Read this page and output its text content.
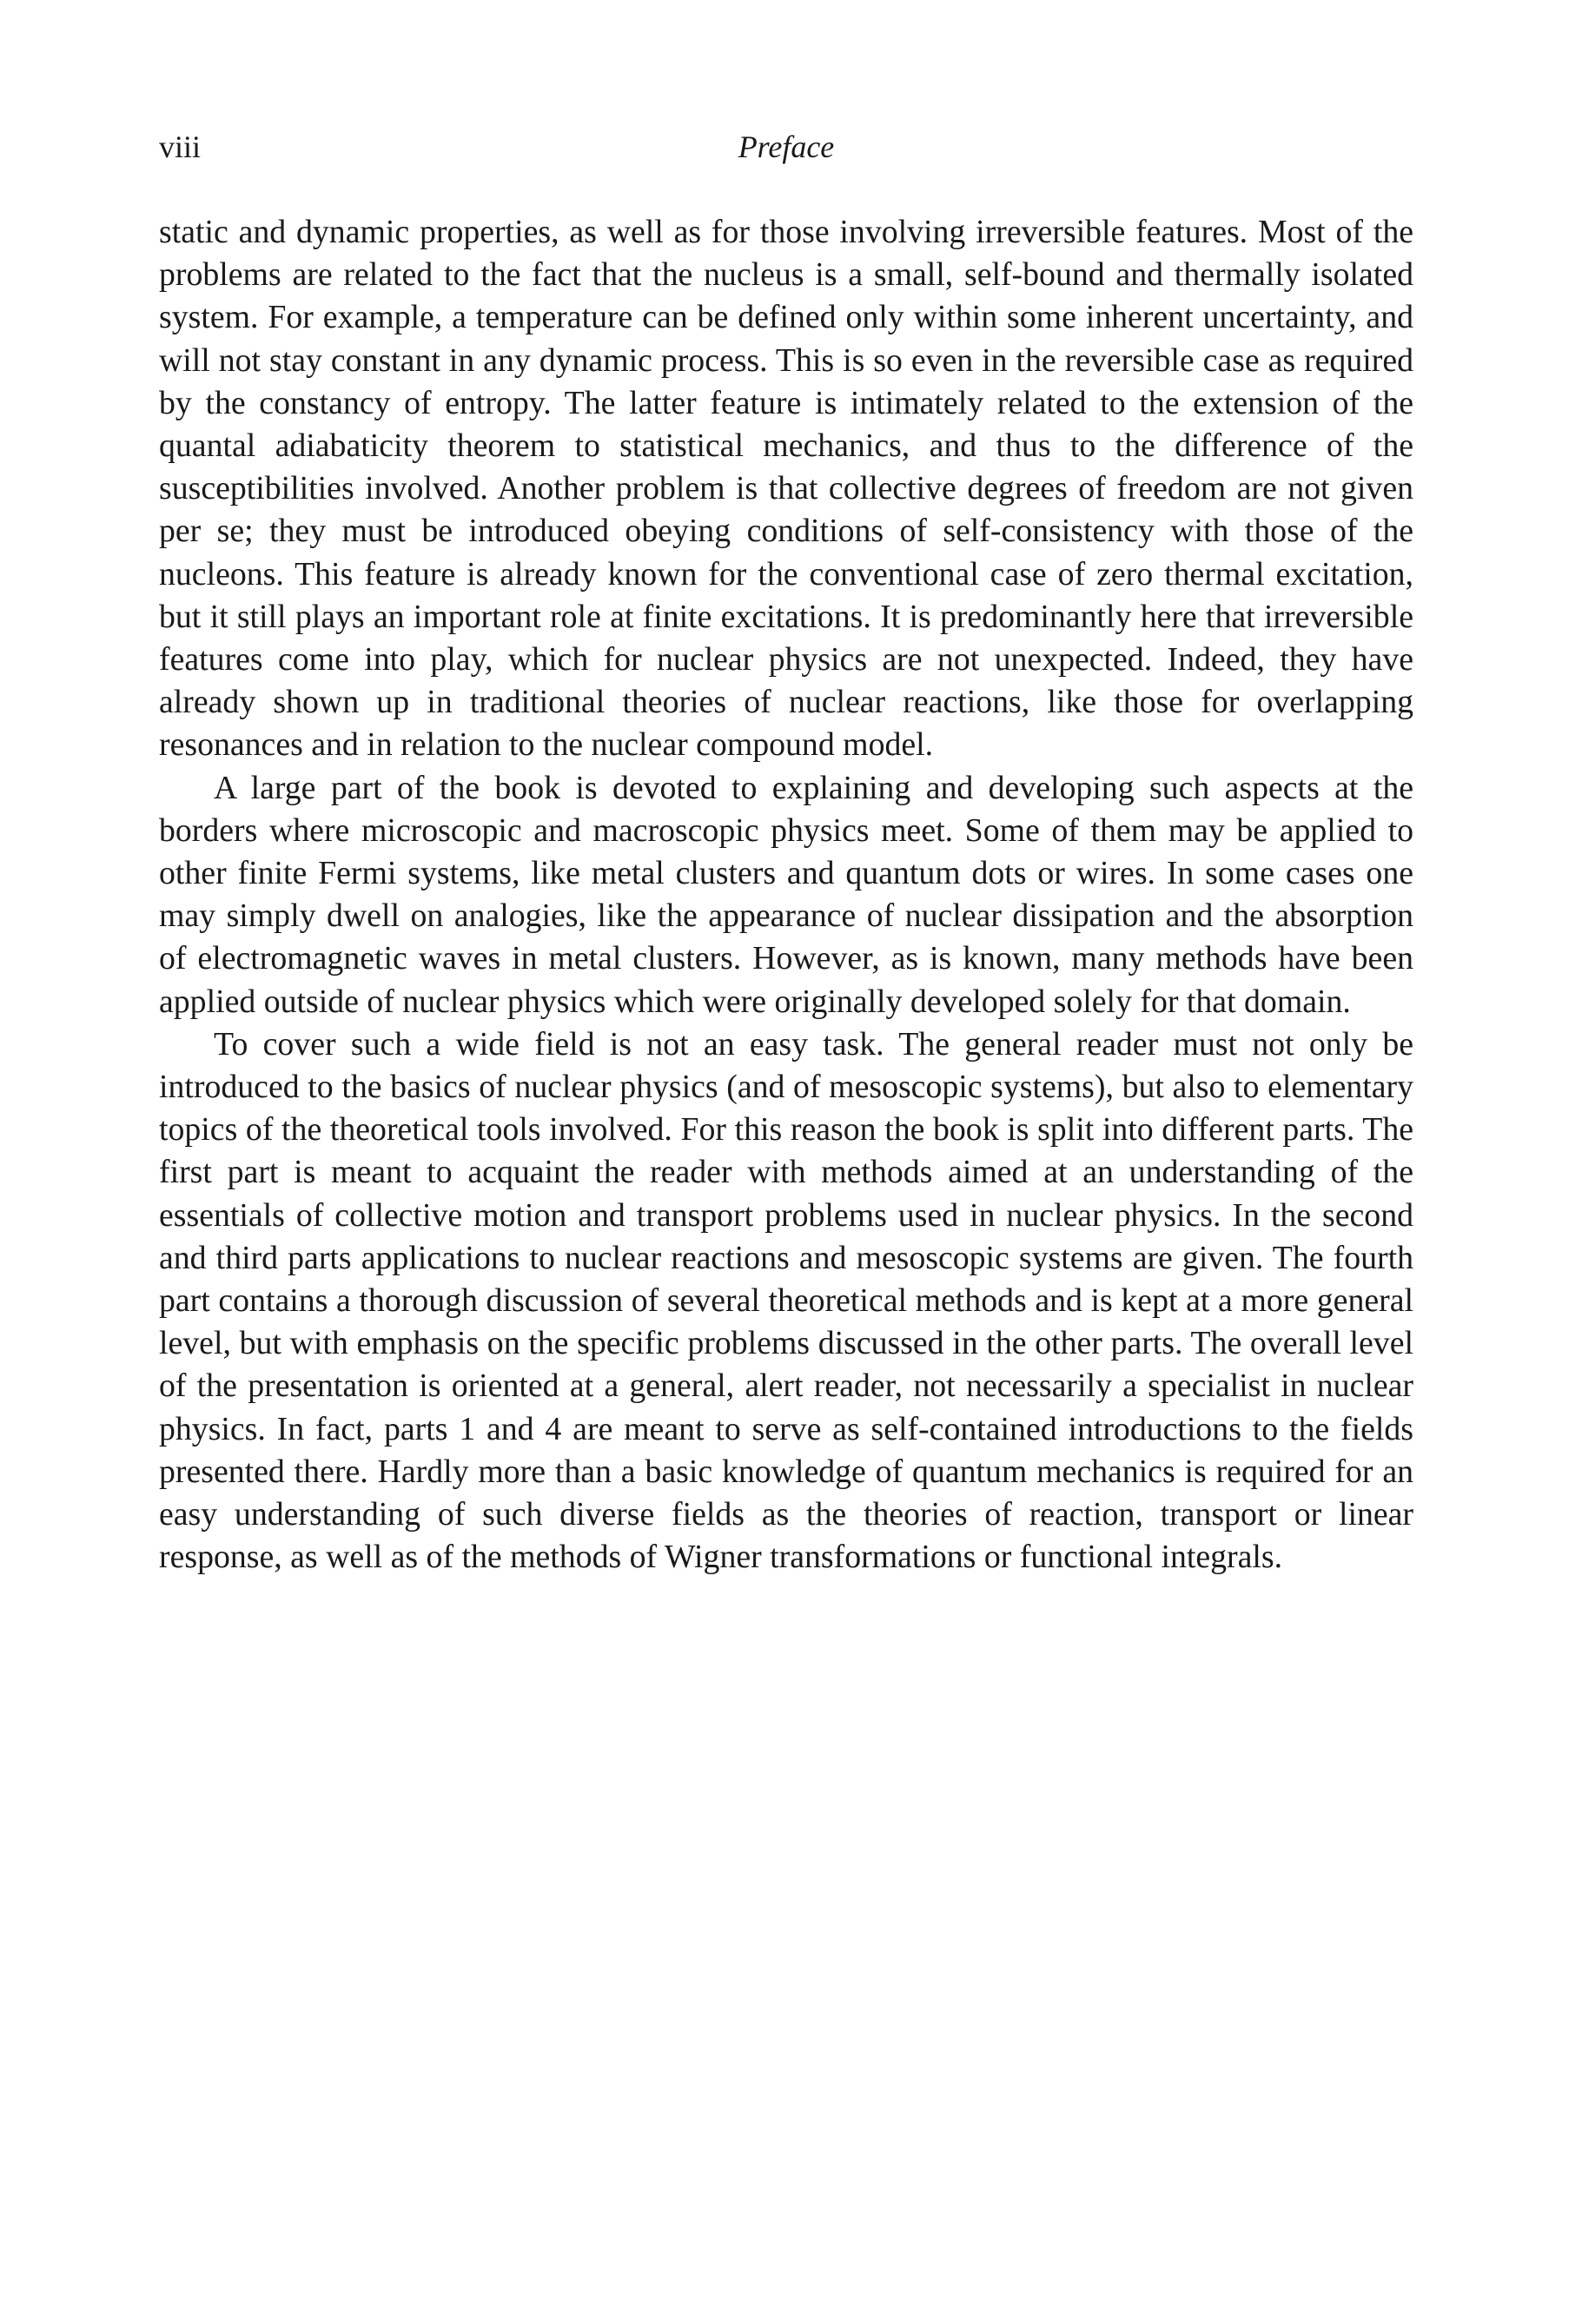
viii	Preface

static and dynamic properties, as well as for those involving irreversible features. Most of the problems are related to the fact that the nucleus is a small, self-bound and thermally isolated system. For example, a temperature can be defined only within some inherent uncertainty, and will not stay constant in any dynamic process. This is so even in the reversible case as required by the constancy of entropy. The latter feature is intimately related to the extension of the quantal adiabaticity theorem to statistical mechanics, and thus to the difference of the susceptibilities involved. Another problem is that collective degrees of freedom are not given per se; they must be introduced obeying conditions of self-consistency with those of the nucleons. This feature is already known for the conventional case of zero thermal excitation, but it still plays an important role at finite excitations. It is predominantly here that irreversible features come into play, which for nuclear physics are not unexpected. Indeed, they have already shown up in traditional theories of nuclear reactions, like those for overlapping resonances and in relation to the nuclear compound model.

A large part of the book is devoted to explaining and developing such aspects at the borders where microscopic and macroscopic physics meet. Some of them may be applied to other finite Fermi systems, like metal clusters and quantum dots or wires. In some cases one may simply dwell on analogies, like the appearance of nuclear dissipation and the absorption of electromagnetic waves in metal clusters. However, as is known, many methods have been applied outside of nuclear physics which were originally developed solely for that domain.

To cover such a wide field is not an easy task. The general reader must not only be introduced to the basics of nuclear physics (and of mesoscopic systems), but also to elementary topics of the theoretical tools involved. For this reason the book is split into different parts. The first part is meant to acquaint the reader with methods aimed at an understanding of the essentials of collective motion and transport problems used in nuclear physics. In the second and third parts applications to nuclear reactions and mesoscopic systems are given. The fourth part contains a thorough discussion of several theoretical methods and is kept at a more general level, but with emphasis on the specific problems discussed in the other parts. The overall level of the presentation is oriented at a general, alert reader, not necessarily a specialist in nuclear physics. In fact, parts 1 and 4 are meant to serve as self-contained introductions to the fields presented there. Hardly more than a basic knowledge of quantum mechanics is required for an easy understanding of such diverse fields as the theories of reaction, transport or linear response, as well as of the methods of Wigner transformations or functional integrals.
